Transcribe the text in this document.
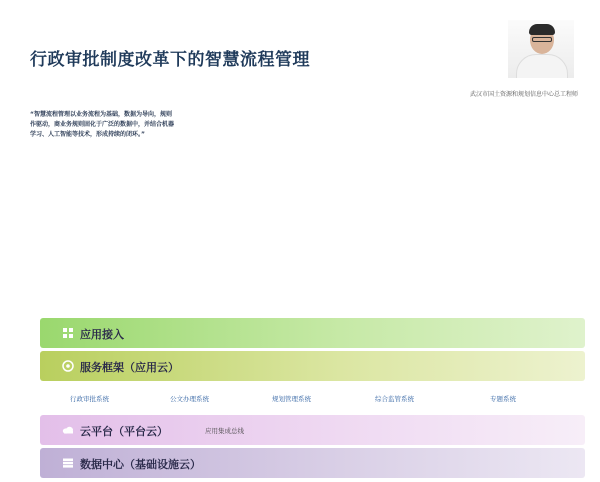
行政审批制度改革下的智慧流程管理
武汉市国土资源和规划信息中心总工程师
“智慧流程管理以业务流程为基础，数据为导向，规则作驱动，商业务规则固化于广泛的数据中，并结合机器学习、人工智能等技术，形成持续的闭环。”
应用接入

服务框架（应用云）

行政审批系统	公文办理系统	规划管理系统	综合监管系统	专题系统
云平台（平台云）	应用集成总线
数据中心（基础设施云）
